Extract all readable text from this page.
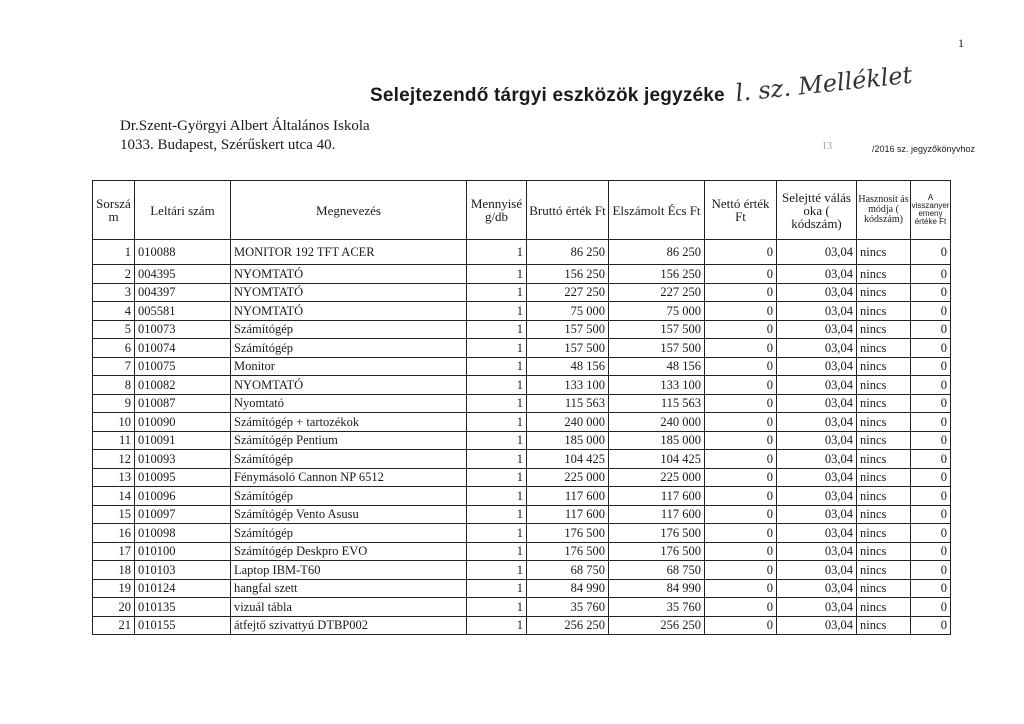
1
Selejtezendő tárgyi eszközök jegyzéke l. sz. Melléklet
Dr.Szent-Györgyi Albert Általános Iskola
1033. Budapest, Szérűskert utca 40.	13	/2016 sz. jegyzőkönyvhoz
Sorszá m	Leltári szám	Megnevezés	Mennyisé g/db	Bruttó érték Ft	Elszámolt Écs Ft	Nettó érték Ft	Selejtté válás oka ( kódszám)	Hasznosít ás módja ( kódszám)	A visszanyer emeny értéke Ft
1	010088	MONITOR 192 TFT ACER	1	86 250	86 250	0	03,04	nincs	0
2	004395	NYOMTATÓ	1	156 250	156 250	0	03,04	nincs	0
3	004397	NYOMTATÓ	1	227 250	227 250	0	03,04	nincs	0
4	005581	NYOMTATÓ	1	75 000	75 000	0	03,04	nincs	0
5	010073	Számítógép	1	157 500	157 500	0	03,04	nincs	0
6	010074	Számítógép	1	157 500	157 500	0	03,04	nincs	0
7	010075	Monitor	1	48 156	48 156	0	03,04	nincs	0
8	010082	NYOMTATÓ	1	133 100	133 100	0	03,04	nincs	0
9	010087	Nyomtató	1	115 563	115 563	0	03,04	nincs	0
10	010090	Számítógép + tartozékok	1	240 000	240 000	0	03,04	nincs	0
11	010091	Számítógép Pentium	1	185 000	185 000	0	03,04	nincs	0
12	010093	Számítógép	1	104 425	104 425	0	03,04	nincs	0
13	010095	Fénymásoló Cannon NP 6512	1	225 000	225 000	0	03,04	nincs	0
14	010096	Számítógép	1	117 600	117 600	0	03,04	nincs	0
15	010097	Számítógép Vento Asusu	1	117 600	117 600	0	03,04	nincs	0
16	010098	Számítógép	1	176 500	176 500	0	03,04	nincs	0
17	010100	Számítógép Deskpro EVO	1	176 500	176 500	0	03,04	nincs	0
18	010103	Laptop IBM-T60	1	68 750	68 750	0	03,04	nincs	0
19	010124	hangfal szett	1	84 990	84 990	0	03,04	nincs	0
20	010135	vizuál tábla	1	35 760	35 760	0	03,04	nincs	0
21	010155	átfejtő szivattyú DTBP002	1	256 250	256 250	0	03,04	nincs	0
